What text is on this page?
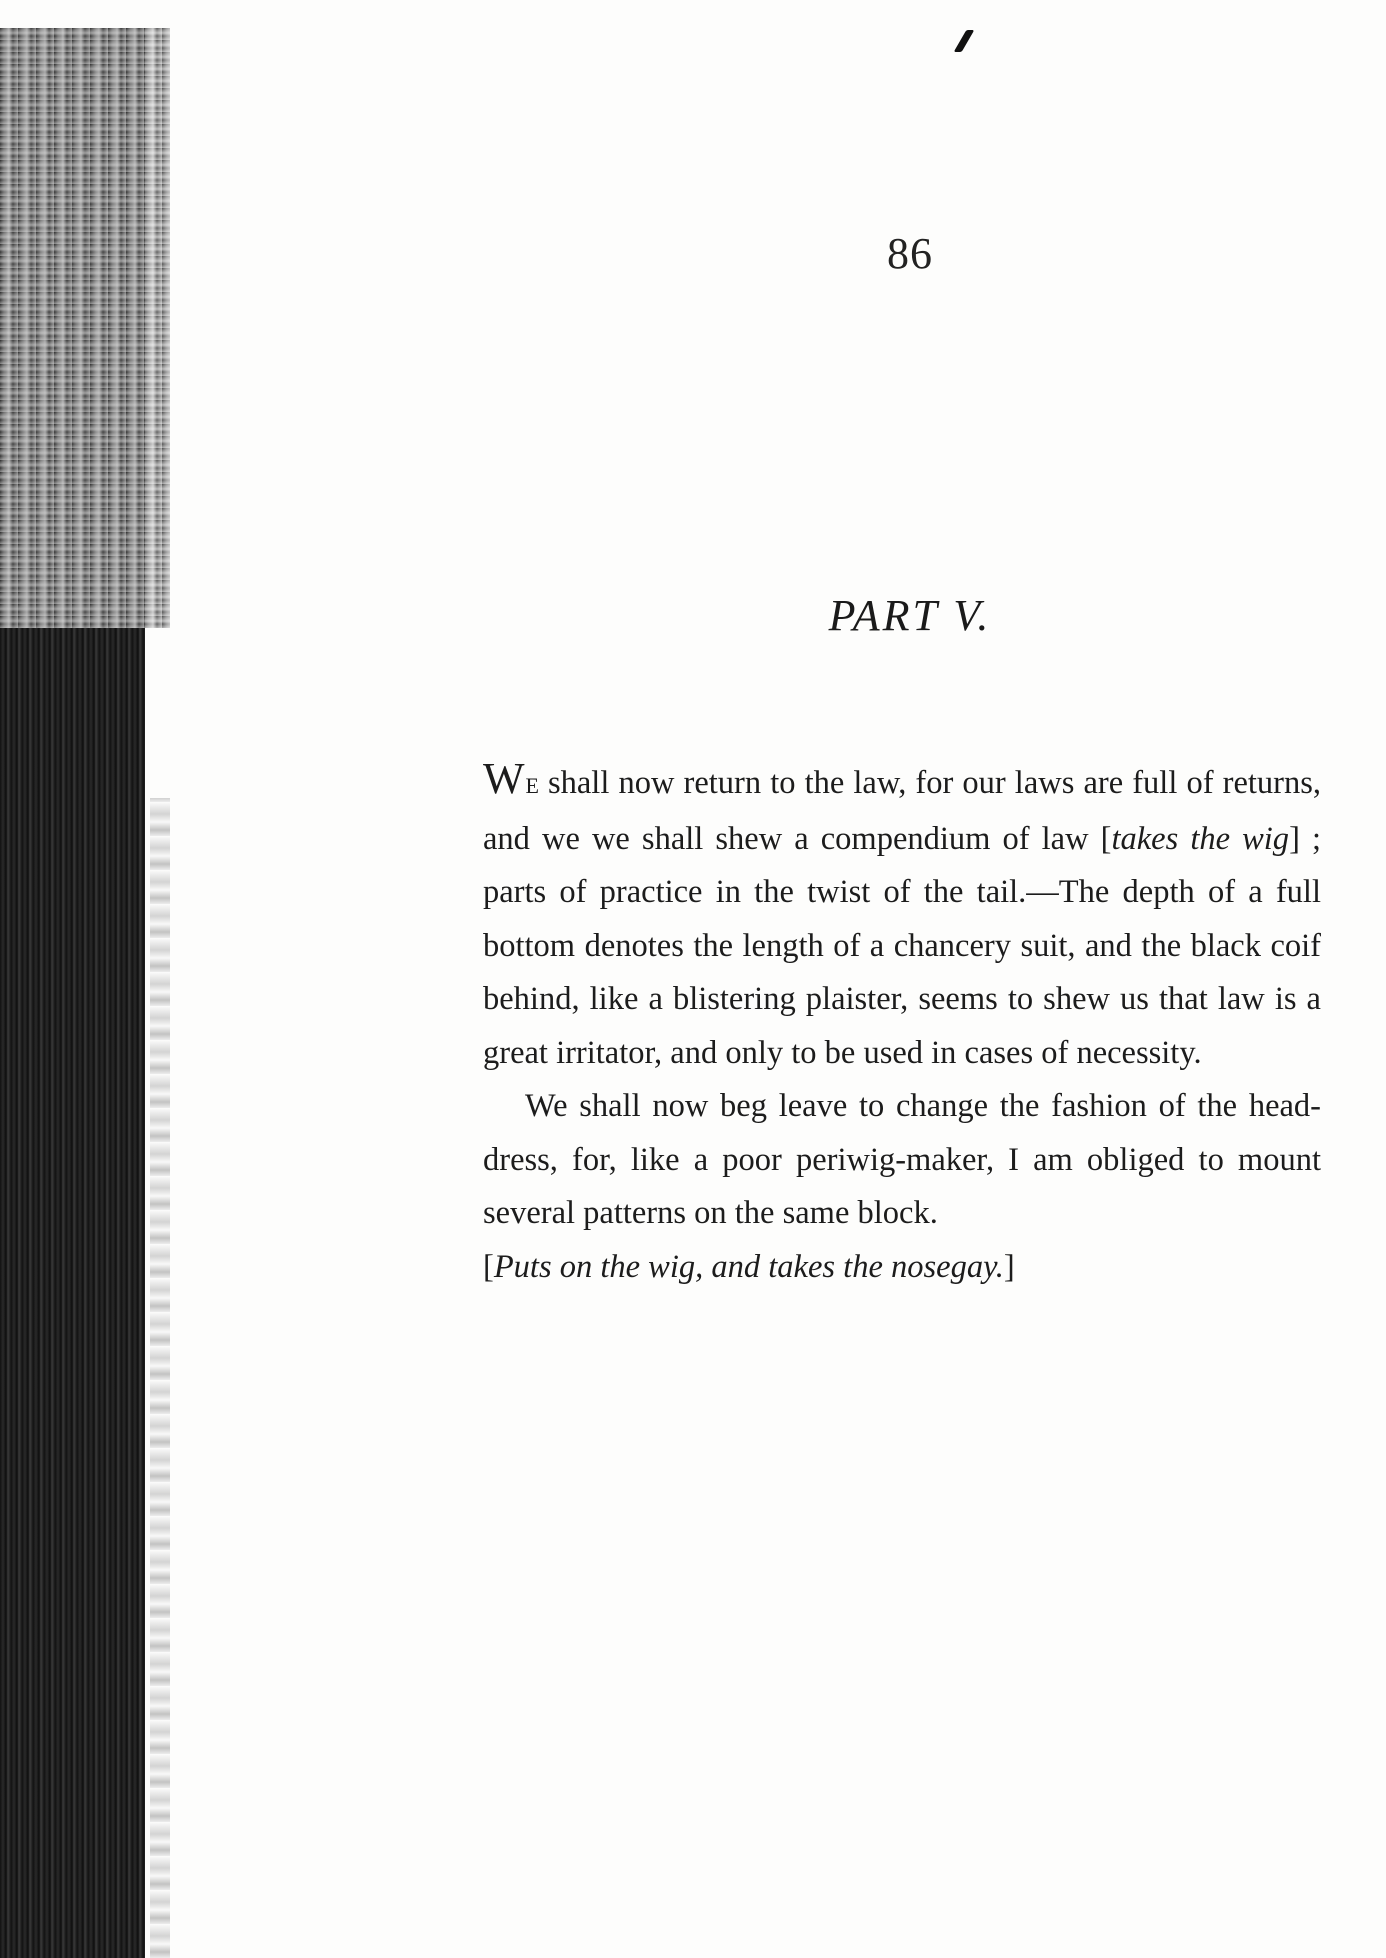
86
PART V.

WE shall now return to the law, for our laws are full of returns, and we we shall shew a compendium of law [takes the wig] ; parts of practice in the twist of the tail.—The depth of a full bottom denotes the length of a chancery suit, and the black coif behind, like a blistering plaister, seems to shew us that law is a great irritator, and only to be used in cases of necessity.

We shall now beg leave to change the fashion of the head-dress, for, like a poor periwig-maker, I am obliged to mount several patterns on the same block.

[Puts on the wig, and takes the nosegay.]
